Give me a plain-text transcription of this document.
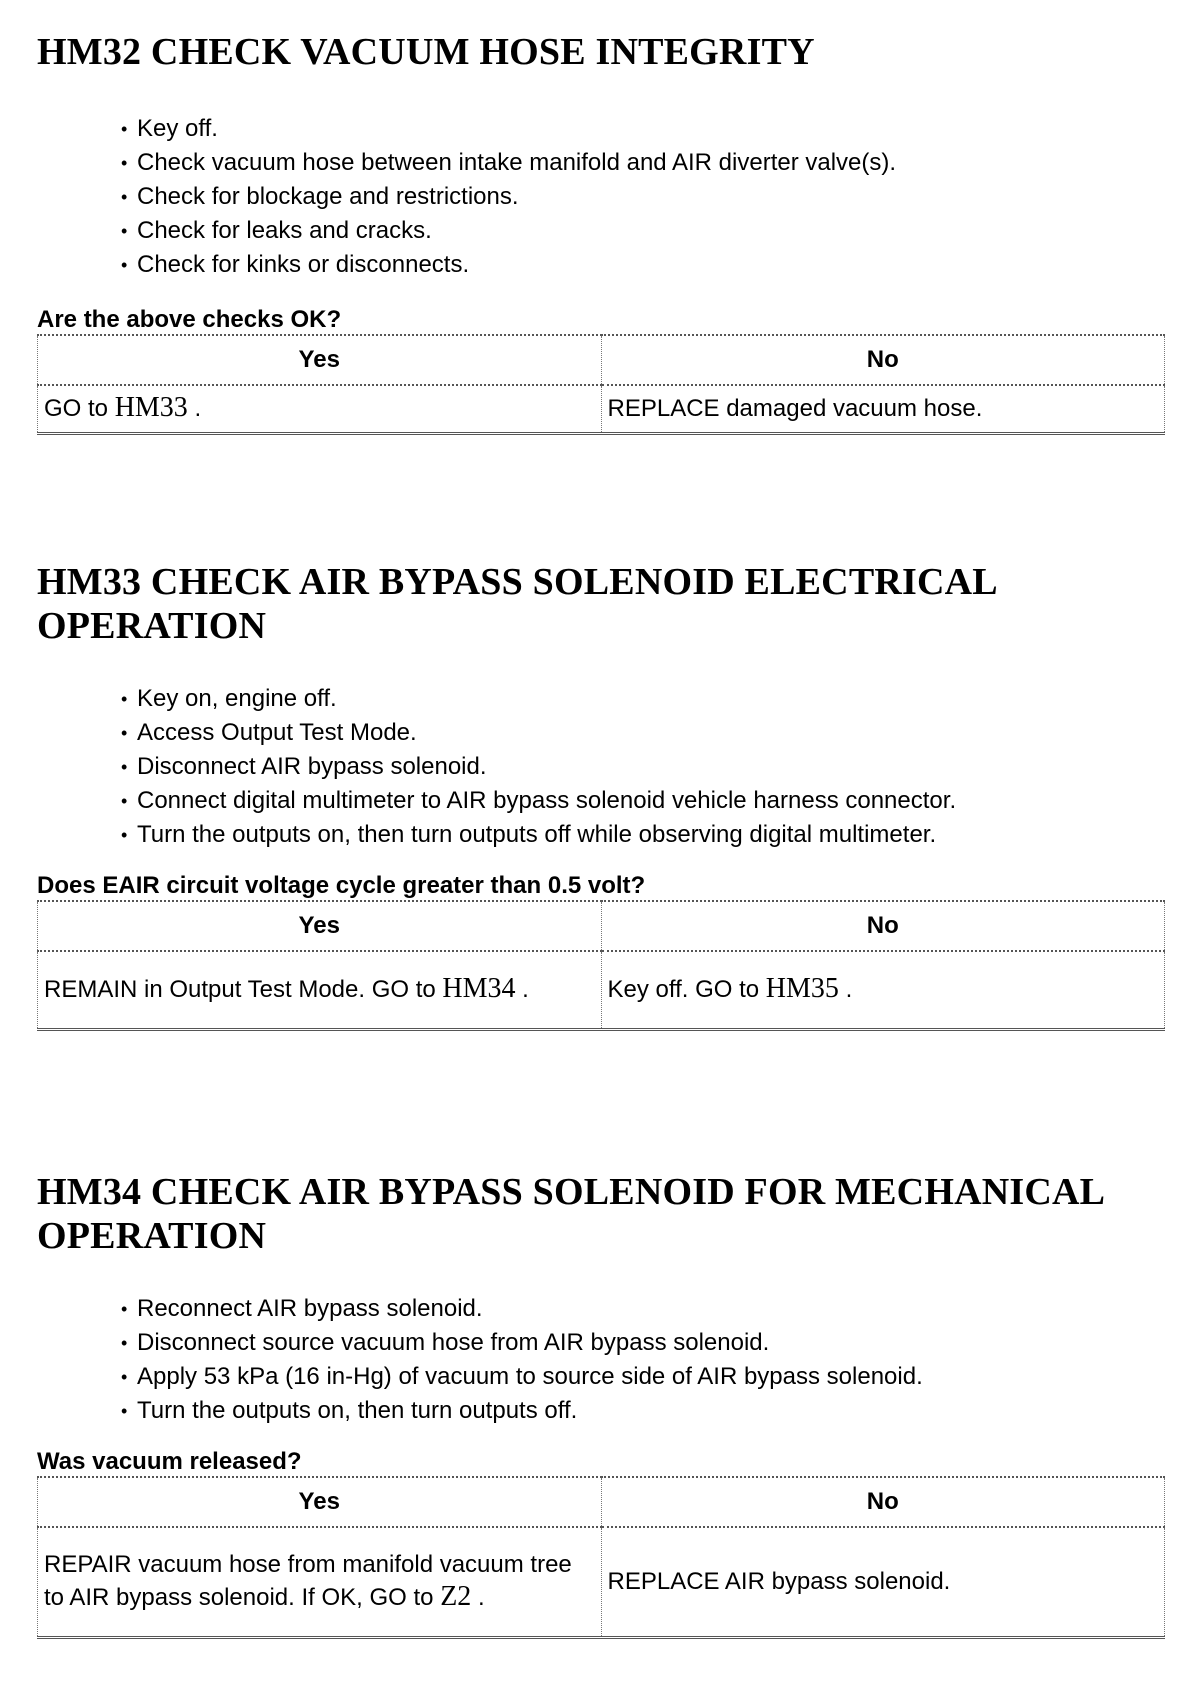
HM32 CHECK VACUUM HOSE INTEGRITY
• Key off.
• Check vacuum hose between intake manifold and AIR diverter valve(s).
• Check for blockage and restrictions.
• Check for leaks and cracks.
• Check for kinks or disconnects.

Are the above checks OK?

Yes	No
GO to HM33 .	REPLACE damaged vacuum hose.
HM33 CHECK AIR BYPASS SOLENOID ELECTRICAL OPERATION
• Key on, engine off.
• Access Output Test Mode.
• Disconnect AIR bypass solenoid.
• Connect digital multimeter to AIR bypass solenoid vehicle harness connector.
• Turn the outputs on, then turn outputs off while observing digital multimeter.

Does EAIR circuit voltage cycle greater than 0.5 volt?

Yes	No
REMAIN in Output Test Mode. GO to HM34 .	Key off. GO to HM35 .
HM34 CHECK AIR BYPASS SOLENOID FOR MECHANICAL OPERATION
• Reconnect AIR bypass solenoid.
• Disconnect source vacuum hose from AIR bypass solenoid.
• Apply 53 kPa (16 in-Hg) of vacuum to source side of AIR bypass solenoid.
• Turn the outputs on, then turn outputs off.

Was vacuum released?

Yes	No
REPAIR vacuum hose from manifold vacuum tree to AIR bypass solenoid. If OK, GO to Z2 .	REPLACE AIR bypass solenoid.
